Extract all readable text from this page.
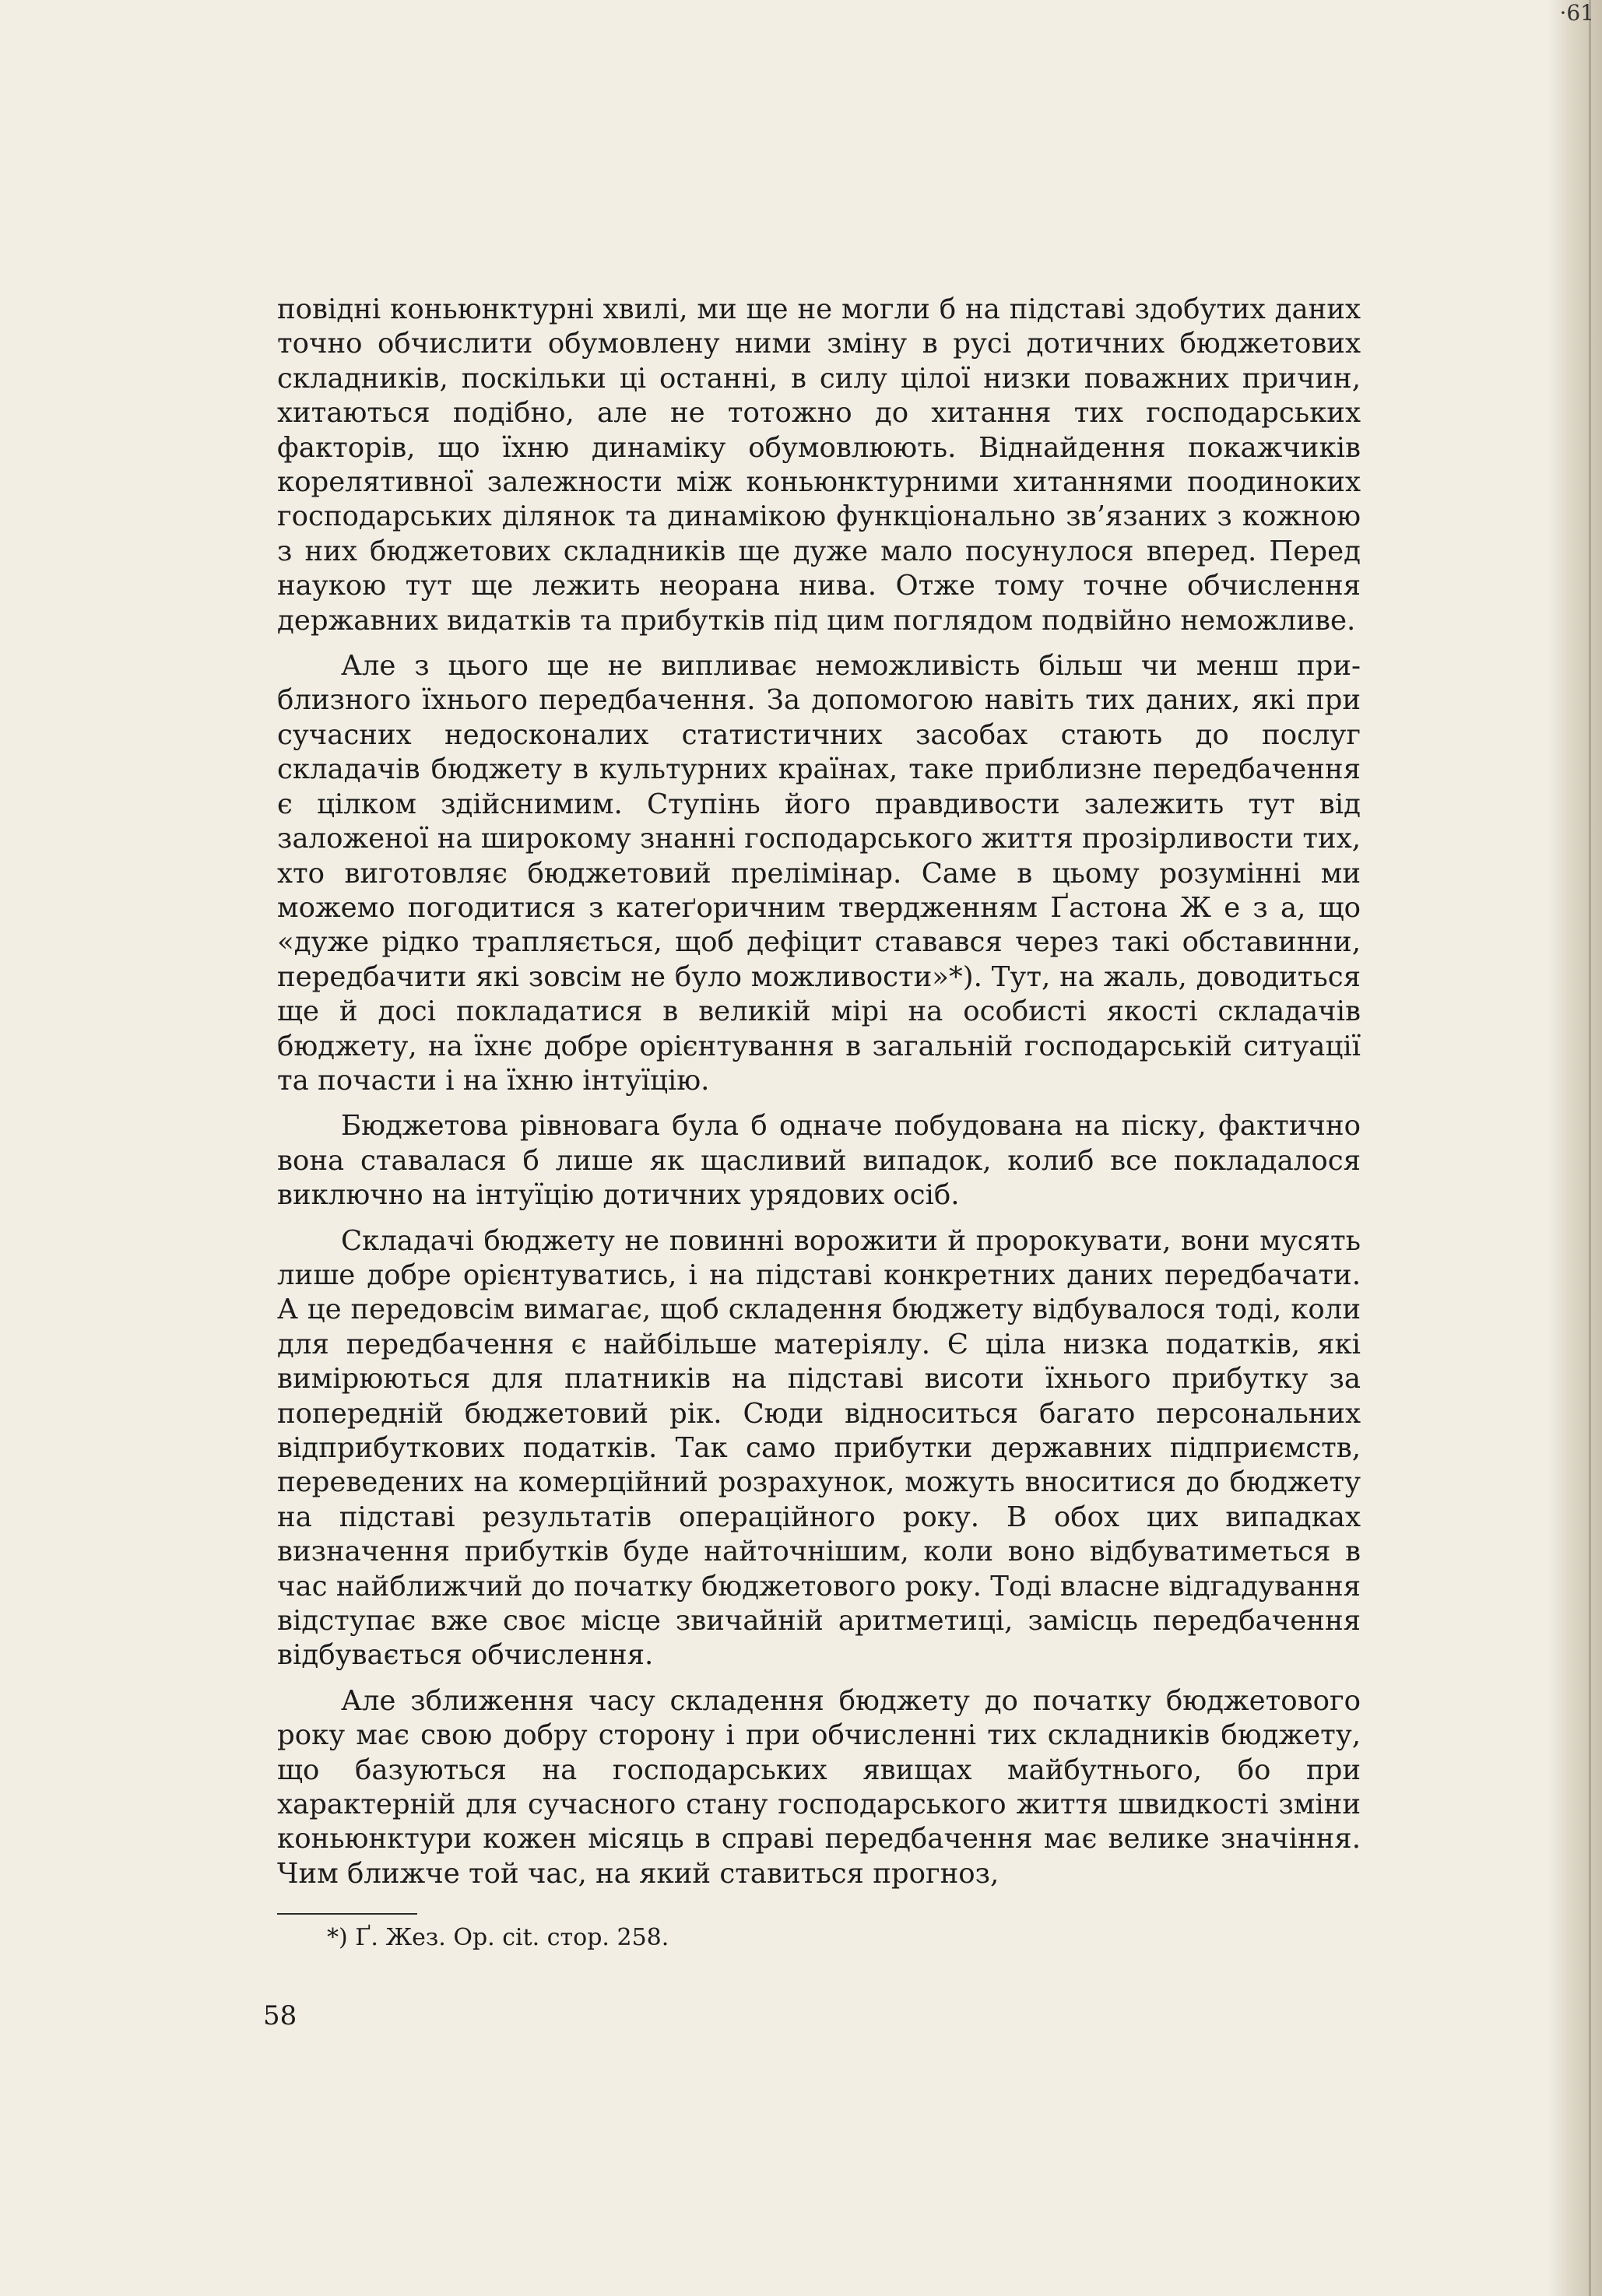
·61

повідні коньюнктурні хвилі, ми ще не могли б на підставі здобутих даних точно обчислити обумовлену ними зміну в русі дотичних бюджетових складників, поскільки ці останні, в силу цілої низки поважних причин, хитаються подібно, але не тотожно до хитання тих господарських факторів, що їхню динаміку обумовлюють. Віднайдення покажчиків корелятивної залежности між коньюнктурними хитаннями поодиноких господарських ділянок та динамікою функціонально зв’язаних з кожною з них бюджетових складників ще дуже мало посунулося вперед. Перед наукою тут ще лежить неорана нива. Отже тому точне обчислення державних видатків та прибутків під цим поглядом подвійно неможливе.

Але з цього ще не випливає неможливість більш чи менш приблизного їхнього передбачення. За допомогою навіть тих даних, які при сучасних недосконалих статистичних засобах стають до послуг складачів бюджету в культурних країнах, таке приблизне передбачення є цілком здійснимим. Ступінь його правдивости залежить тут від заложеної на широкому знанні господарського життя прозірливости тих, хто виготовляє бюджетовий прелімінар. Саме в цьому розумінні ми можемо погодитися з катеґоричним твердженням Ґастона Ж е з а, що «дуже рідко трапляється, щоб дефіцит ставався через такі обставинни, передбачити які зовсім не було можливости»*). Тут, на жаль, доводиться ще й досі покладатися в великій мірі на особисті якості складачів бюджету, на їхнє добре орієнтування в загальній господарській ситуації та почасти і на їхню інтуїцію.

Бюджетова рівновага була б одначе побудована на піску, фактично вона ставалася б лише як щасливий випадок, колиб все покладалося виключно на інтуїцію дотичних урядових осіб.

Складачі бюджету не повинні ворожити й пророкувати, вони мусять лише добре орієнтуватись, і на підставі конкретних даних передбачати. А це передовсім вимагає, щоб складення бюджету відбувалося тоді, коли для передбачення є найбільше матеріялу. Є ціла низка податків, які вимірюються для платників на підставі висоти їхнього прибутку за попередній бюджетовий рік. Сюди відноситься багато персональних відприбуткових податків. Так само прибутки державних підприємств, переведених на комерційний розрахунок, можуть вноситися до бюджету на підставі результатів операційного року. В обох цих випадках визначення прибутків буде найточнішим, коли воно відбуватиметься в час найближчий до початку бюджетового року. Тоді власне відгадування відступає вже своє місце звичайній аритметиці, замісць передбачення відбувається обчислення.

Але зближення часу складення бюджету до початку бюджетового року має свою добру сторону і при обчисленні тих складників бюджету, що базуються на господарських явищах майбутнього, бо при характерній для сучасного стану господарського життя швидкості зміни коньюнктури кожен місяць в справі передбачення має велике значіння. Чим ближче той час, на який ставиться прогноз,

*) Ґ. Жез. Op. cit. стор. 258.
58
